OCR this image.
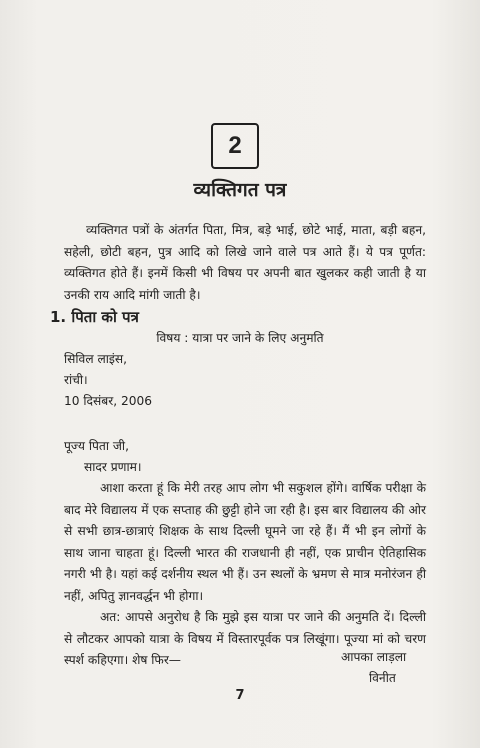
2
व्यक्तिगत पत्र
व्यक्तिगत पत्रों के अंतर्गत पिता, मित्र, बड़े भाई, छोटे भाई, माता, बड़ी बहन, सहेली, छोटी बहन, पुत्र आदि को लिखे जाने वाले पत्र आते हैं। ये पत्र पूर्णत: व्यक्तिगत होते हैं। इनमें किसी भी विषय पर अपनी बात खुलकर कही जाती है या उनकी राय आदि मांगी जाती है।
1. पिता को पत्र
विषय : यात्रा पर जाने के लिए अनुमति
सिविल लाइंस,
रांची।
10 दिसंबर, 2006
पूज्य पिता जी,
सादर प्रणाम।
आशा करता हूं कि मेरी तरह आप लोग भी सकुशल होंगे। वार्षिक परीक्षा के बाद मेरे विद्यालय में एक सप्ताह की छुट्टी होने जा रही है। इस बार विद्यालय की ओर से सभी छात्र-छात्राएं शिक्षक के साथ दिल्ली घूमने जा रहे हैं। मैं भी इन लोगों के साथ जाना चाहता हूं। दिल्ली भारत की राजधानी ही नहीं, एक प्राचीन ऐतिहासिक नगरी भी है। यहां कई दर्शनीय स्थल भी हैं। उन स्थलों के भ्रमण से मात्र मनोरंजन ही नहीं, अपितु ज्ञानवर्द्धन भी होगा।
अत: आपसे अनुरोध है कि मुझे इस यात्रा पर जाने की अनुमति दें। दिल्ली से लौटकर आपको यात्रा के विषय में विस्तारपूर्वक पत्र लिखूंगा। पूज्या मां को चरण स्पर्श कहिएगा। शेष फिर—	आपका लाड़ला
विनीत
7
